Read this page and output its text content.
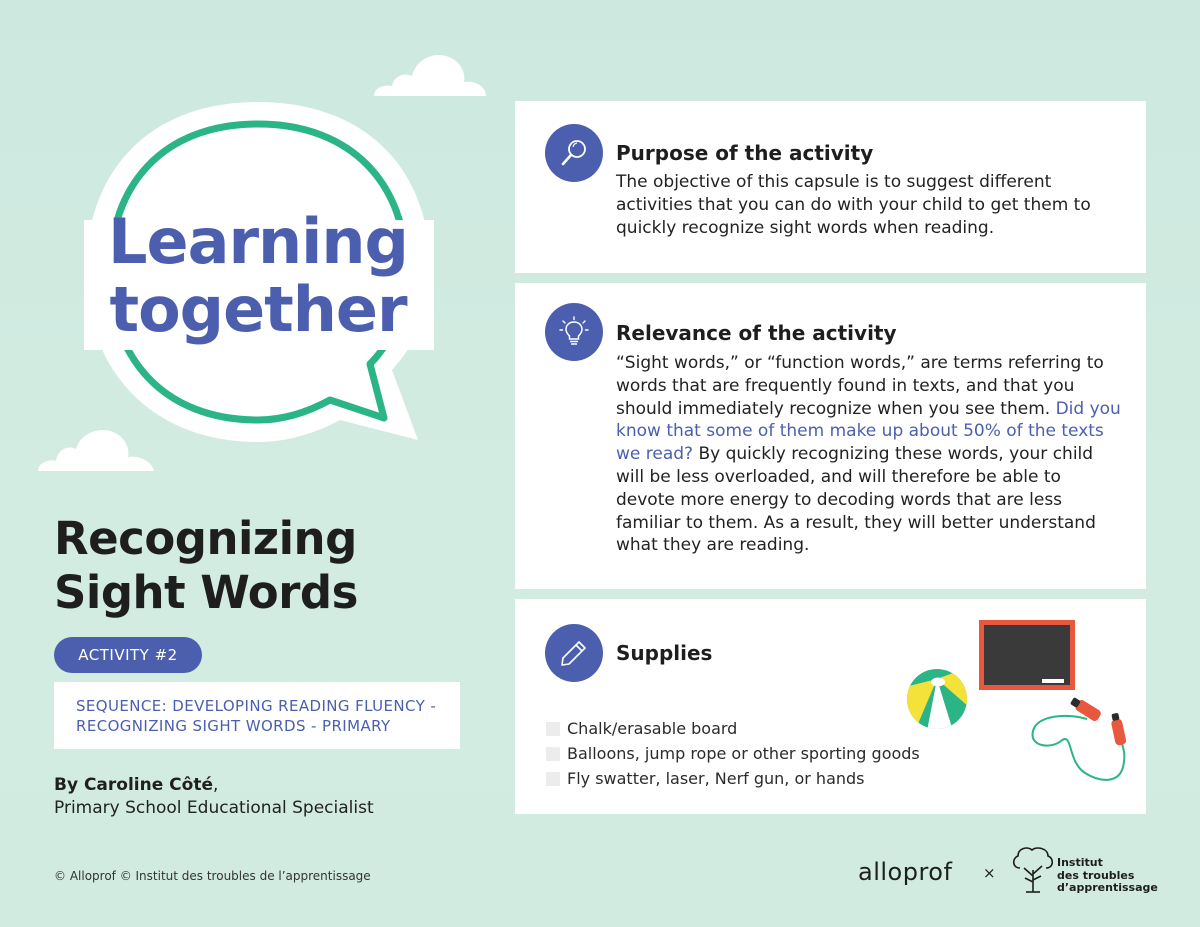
Learning
together
Recognizing
Sight Words
ACTIVITY #2
SEQUENCE: DEVELOPING READING FLUENCY -
RECOGNIZING SIGHT WORDS - PRIMARY
By Caroline Côté,
Primary School Educational Specialist
© Alloprof © Institut des troubles de l’apprentissage
Purpose of the activity

The objective of this capsule is to suggest different activities that you can do with your child to get them to quickly recognize sight words when reading.

Relevance of the activity

“Sight words,” or “function words,” are terms referring to words that are frequently found in texts, and that you should immediately recognize when you see them. Did you know that some of them make up about 50% of the texts we read? By quickly recognizing these words, your child will be less overloaded, and will therefore be able to devote more energy to decoding words that are less familiar to them. As a result, they will better understand what they are reading.

Supplies
Chalk/erasable board
Balloons, jump rope or other sporting goods
Fly swatter, laser, Nerf gun, or hands
alloprof ×
Institut
des troubles
d’apprentissage
